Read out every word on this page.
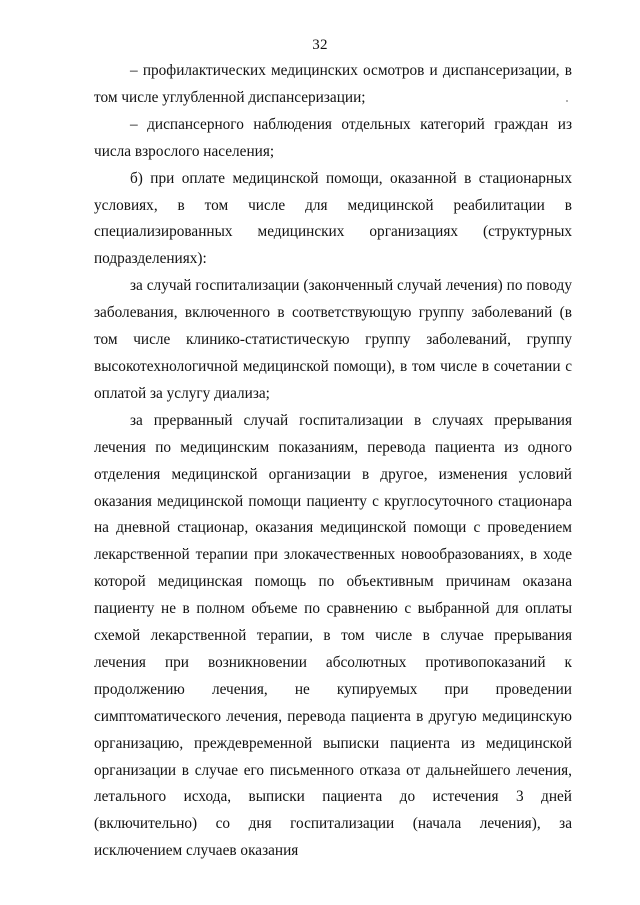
32

– профилактических медицинских осмотров и диспансеризации, в том числе углубленной диспансеризации;

– диспансерного наблюдения отдельных категорий граждан из числа взрослого населения;

б) при оплате медицинской помощи, оказанной в стационарных условиях, в том числе для медицинской реабилитации в специализированных медицинских организациях (структурных подразделениях):

за случай госпитализации (законченный случай лечения) по поводу заболевания, включенного в соответствующую группу заболеваний (в том числе клинико-статистическую группу заболеваний, группу высокотехнологичной медицинской помощи), в том числе в сочетании с оплатой за услугу диализа;

за прерванный случай госпитализации в случаях прерывания лечения по медицинским показаниям, перевода пациента из одного отделения медицинской организации в другое, изменения условий оказания медицинской помощи пациенту с круглосуточного стационара на дневной стационар, оказания медицинской помощи с проведением лекарственной терапии при злокачественных новообразованиях, в ходе которой медицинская помощь по объективным причинам оказана пациенту не в полном объеме по сравнению с выбранной для оплаты схемой лекарственной терапии, в том числе в случае прерывания лечения при возникновении абсолютных противопоказаний к продолжению лечения, не купируемых при проведении симптоматического лечения, перевода пациента в другую медицинскую организацию, преждевременной выписки пациента из медицинской организации в случае его письменного отказа от дальнейшего лечения, летального исхода, выписки пациента до истечения 3 дней (включительно) со дня госпитализации (начала лечения), за исключением случаев оказания
